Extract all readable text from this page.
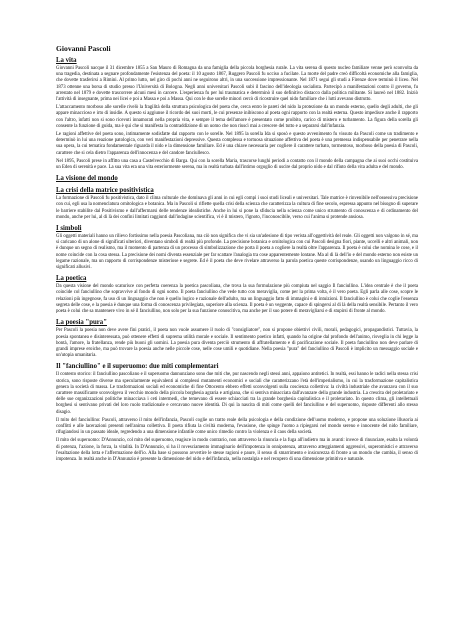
Giovanni Pascoli
La vita

Giovanni Pascoli nacque il 31 dicembre 1855 a San Mauro di Romagna da una famiglia della piccola borghesia rurale. La vita serena di questo nucleo familiare venne però sconvolta da una tragedia, destinata a segnare profondamente l'esistenza del poeta: il 10 agosto 1867, Ruggero Pascoli fu ucciso a fucilate. La morte del padre creò difficoltà economiche alla famiglia, che dovette trasferirsi a Rimini. Al primo lutto, nel giro di pochi anni ne seguirono altri, in una successione impressionante. Nel 1871 segui gli studi a Firenze dove terminò il liceo. Nel 1873 ottenne una borsa di studio presso l'Università di Bologna. Negli anni universitari Pascoli subì il fascino dell'ideologia socialista. Partecipò a manifestazioni contro il governo, fu arrestato nel 1879 e dovette trascorrere alcuni mesi in carcere. L'esperienza fu per lui traumatica e determinò il suo definitivo distacco dalla politica militante. Si laureò nel 1882. Iniziò l'attività di insegnante, prima nei licei e poi a Massa e poi a Massa. Qui con le due sorelle minori cercò di ricostruire quel nido familiare che i lutti avevano distrutto.

L'attaccamento morboso alle sorelle rivelò la fragilità della struttura psicologica del poeta che, cerca entro le pareti del nido la protezione da un mondo esterno, quello degli adulti, che gli appare minaccioso e irto di insidie. A questo si aggiunse il ricordo dei suoi morti, le cui presenze inibiscono al poeta ogni rapporto con la realtà esterna. Questo impedisce anche il rapporto con l'altro, infatti non si sono ricevuti innamorati nella propria vita, e sempre il tema dell'amore è presentato come proibito, carico di mistero e turbamento. La figura della sorella gli consente la funzione di guida, ma è qui che si manifesta la contraddizione di un uomo che non riuscì mai a crescere del tutto e a separarsi dall'infanzia.

Le ragioni affettive del poeta sono, intimamente sodisfatte dal rapporto con le sorelle. Nel 1895 la sorella Ida si sposò e questo avvenimento fu vissuto da Pascoli come un tradimento e determinò in lui una reazione patologica, con veri manifestazioni depressive. Questa complessa e tortuosa situazione affettiva del poeta è una premessa indispensabile per penetrare nella sua opera, la cui tematica fondamentale riguarda il nido e la dimensione familiare. Ed è una chiave necessaria per cogliere il carattere turbato, tormentoso, morboso della poesia di Pascoli, carattere che si cela dietro l'apparenza dell'innocenza e del candore fanciullesco.

Nel 1895, Pascoli prese in affitto una casa a Castelvecchio di Barga. Qui con la sorella Maria, trascorse lunghi periodi a contatto con il mondo della campagna che ai suoi occhi costituiva un Eden di serenità e pace. La sua vita era una vita esteriormente serena, ma in realtà turbata dall'intimo orgoglio di uscire dal proprio nido e dal rifiuto della vita adulta e del mondo.

La visione del mondo
La crisi della matrice positivistica

La formazione di Pascoli fu positivistica, dato il clima culturale che dominava gli anni in cui egli compì i suoi studi liceali e universitari. Tale matrice è rinvenibile nell'ossessiva precisione con cui, egli usa la nomenclatura ornitologica e botanica. Ma in Pascoli si riflette quella crisi della scienza che caratterizza la cultura di fine secolo, espressa appunto nel bisogno di superare le barriere stabilite dal Positivismo e dall'affermarsi delle tendenze idealistiche. Anche in lui si pone la sfiducia nella scienza come unico strumento di conoscenza e di ordinamento del mondo, anche per lui, al di là dei confini limitati raggiunti dall'indagine scientifica, vi è il mistero, l'ignoto, l'inconoscibile, verso cui l'anima si protende ansiosa.

I simboli

Gli oggetti materiali hanno un rilievo fortissimo nella poesia Pascoliana, ma ciò non significa che vi sia un'adesione di tipo verista all'oggettività del reale. Gli oggetti non valgono in sé, ma si caricano di un alone di significati ulteriori, diventano simboli di realtà più profonde. La precisione botanica e ornitologica con cui Pascoli designa fiori, piante, uccelli e altri animali, non è dunque un segno di realismo, ma il momento di partenza di un processo di simbolizzazione che porta il poeta a cogliere la realtà oltre l'apparenza. Il poeta è colui che nomina le cose, e il nome coincide con la cosa stessa. La precisione dei nomi diventa essenziale per far scattare l'analogia tra cose apparentemente lontane. Ma al di là dell'io e del mondo esterno non esiste un legame razionale, ma un rapporto di corrispondenze misteriose e segrete. Ed è il poeta che deve rivelare attraverso la parola poetica queste corrispondenze, usando un linguaggio ricco di significati allusivi.

La poetica

Da questa visione del mondo scaturisce con perfetta coerenza la poetica pascoliana, che trova la sua formulazione più compiuta nel saggio Il fanciullino. L'idea centrale è che il poeta coincide col fanciullino che sopravvive al fondo di ogni uomo. Il poeta fanciullino che vede tutto con meraviglia, come per la prima volta, è il vero poeta. Egli parla alle cose, scopre le relazioni più ingegnose, fa uso di un linguaggio che non è quello logico e razionale dell'adulto, ma un linguaggio fatto di immagini e di intuizioni. Il fanciullino è colui che coglie l'essenza segreta delle cose, e la poesia è dunque una forma di conoscenza privilegiata, superiore alla scienza. Il poeta è un veggente, capace di spingersi al di là della realtà sensibile. Pertanto il vero poeta è colui che sa mantenere vivo in sé il fanciullino, non solo per la sua funzione conoscitiva, ma anche per il suo potere di meravigliarsi e di stupirsi di fronte al mondo.

La poesia "pura"

Per Pascoli la poesia non deve avere fini pratici, il poeta non vuole assumere il ruolo di "consigliatore", non si propone obiettivi civili, morali, pedagogici, propagandistici. Tuttavia, la poesia spontanea e disinteressata, può ottenere effetti di suprema utilità morale e sociale. Il sentimento poetico infatti, quando ha origine dal profondo dell'animo, risveglia in chi legge la bontà, l'amore, la fratellanza, rende più buoni gli uomini. La poesia pura diventa perciò strumento di affratellamento e di pacificazione sociale. Il poeta fanciullino non deve parlare di grandi imprese eroiche, ma può trovare la poesia anche nelle piccole cose, nelle cose umili e quotidiane. Nella poesia "pura" del fanciullino di Pascoli è implicito un messaggio sociale e un'utopia umanitaria.

Il "fanciullino" e il superuomo: due miti complementari

Il contesto storico: il fanciullino pascoliano e il superuomo dannunziano sono due miti che, pur nascendo negli stessi anni, appaiono antitetici. In realtà, essi hanno le radici nella stessa crisi storica, sono risposte diverse ma specularmente equivalenti ai complessi mutamenti economici e sociali che caratterizzano l'età dell'imperialismo, in cui la trasformazione capitalistica genera la società di massa. Le trasformazioni sociali ed economiche di fine Ottocento ebbero effetti sconvolgenti sulla coscienza collettiva: la civiltà industriale che avanzava con il suo carattere massificante sconvolgeva il vecchio mondo della piccola borghesia agraria e artigiana, che si sentiva minacciata dall'avanzare della grande industria. La crescita del proletariato e delle sue organizzazioni politiche minacciava i ceti intermedi, che temevano di essere schiacciati tra la grande borghesia capitalistica e il proletariato. In questo clima, gli intellettuali borghesi si sentivano privati del loro ruolo tradizionale e cercavano nuove identità. Di qui la nascita di miti come quelli del fanciullino e del superuomo, risposte differenti allo stesso disagio.

Il mito del fanciullino: Pascoli, attraverso il mito dell'infanzia, Pascoli coglie un tratto reale della psicologia e della condizione dell'uomo moderno, e propone una soluzione illusoria ai conflitti e alle lacerazioni presenti nell'anima collettiva. Il poeta rifiuta la civiltà moderna, l'evasione, che spinge l'uomo a ripiegarsi nel mondo sereno e innocente del nido familiare, rifugiandosi in un passato ideale, regredendo a una dimensione infantile come unico rimedio contro la violenza e il caos della società.

Il mito del superuomo: D'Annunzio, col mito del superuomo, reagisce in modo contrario, non attraverso la rinuncia e la fuga all'indietro ma in avanti: invece di rinunciare, esalta la volontà di potenza, l'azione, la forza, la vitalità. In D'Annunzio, si ha il rovesciamento immaginario dell'impotenza in onnipotenza, attraverso atteggiamenti aggressivi, superomistici e attraverso l'esaltazione della lotta e l'affermazione dell'io. Alla base si possono avvertire le stesse ragioni e paure, il senso di smarrimento e insicurezza di fronte a un mondo che cambia, il senso di impotenza. In realtà anche in D'Annunzio è presente la dimensione del nido e dell'infanzia, nella nostalgia e nel recupero di una dimensione primitiva e naturale.
